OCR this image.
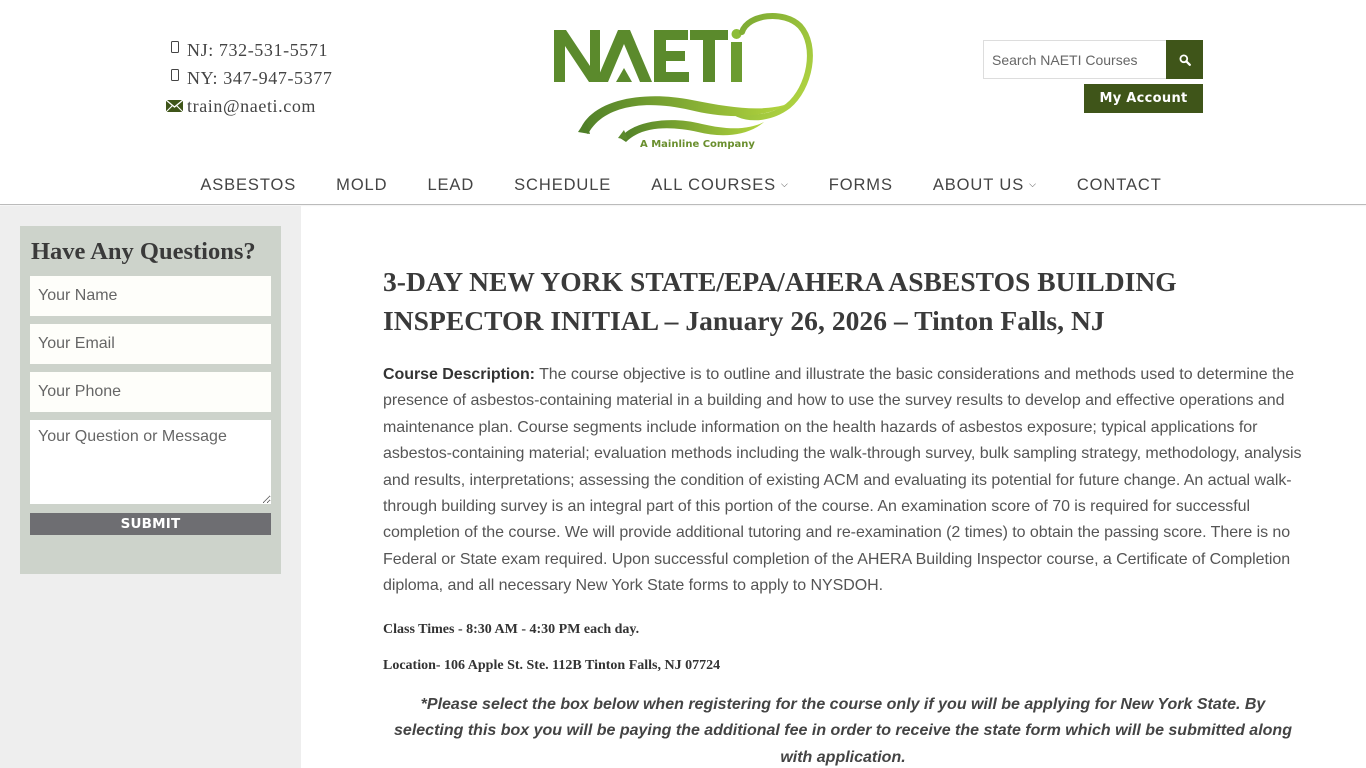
NJ: 732-531-5571
NY: 347-947-5377
train@naeti.com
A Mainline Company
Search NAETI Courses
My Account
ASBESTOS MOLD LEAD SCHEDULE ALL COURSES ⌵ FORMS ABOUT US ⌵ CONTACT
Have Any Questions?
Your Name
Your Email
Your Phone
Your Question or Message
SUBMIT
3-DAY NEW YORK STATE/EPA/AHERA ASBESTOS BUILDING INSPECTOR INITIAL – January 26, 2026 – Tinton Falls, NJ

Course Description: The course objective is to outline and illustrate the basic considerations and methods used to determine the presence of asbestos-containing material in a building and how to use the survey results to develop and effective operations and maintenance plan. Course segments include information on the health hazards of asbestos exposure; typical applications for asbestos-containing material; evaluation methods including the walk-through survey, bulk sampling strategy, methodology, analysis and results, interpretations; assessing the condition of existing ACM and evaluating its potential for future change. An actual walk-through building survey is an integral part of this portion of the course. An examination score of 70 is required for successful completion of the course. We will provide additional tutoring and re-examination (2 times) to obtain the passing score. There is no Federal or State exam required. Upon successful completion of the AHERA Building Inspector course, a Certificate of Completion diploma, and all necessary New York State forms to apply to NYSDOH.

Class Times - 8:30 AM - 4:30 PM each day.

Location- 106 Apple St. Ste. 112B Tinton Falls, NJ 07724

*Please select the box below when registering for the course only if you will be applying for New York State. By selecting this box you will be paying the additional fee in order to receive the state form which will be submitted along with application.
